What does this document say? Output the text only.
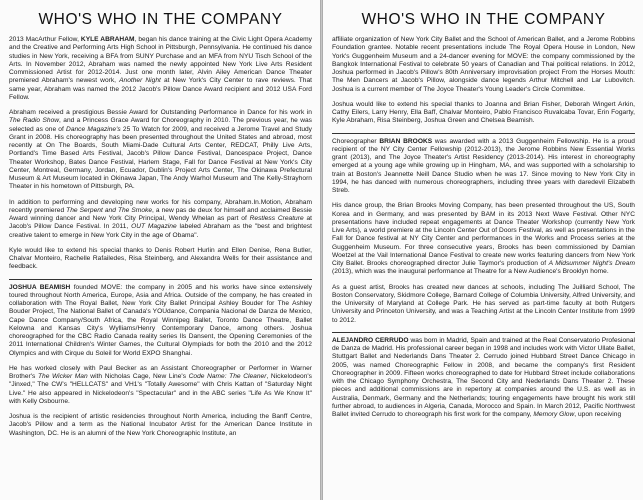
WHO'S WHO IN THE COMPANY

2013 MacArthur Fellow, KYLE ABRAHAM, began his dance training at the Civic Light Opera Academy and the Creative and Performing Arts High School in Pittsburgh, Pennsylvania. He continued his dance studies in New York, receiving a BFA from SUNY Purchase and an MFA from NYU Tisch School of the Arts. In November 2012, Abraham was named the newly appointed New York Live Arts Resident Commissioned Artist for 2012-2014. Just one month later, Alvin Ailey American Dance Theater premiered Abraham's newest work, Another Night at New York's City Center to rave reviews. That same year, Abraham was named the 2012 Jacob's Pillow Dance Award recipient and 2012 USA Ford Fellow.

Abraham received a prestigious Bessie Award for Outstanding Performance in Dance for his work in The Radio Show, and a Princess Grace Award for Choreography in 2010. The previous year, he was selected as one of Dance Magazine's 25 To Watch for 2009, and received a Jerome Travel and Study Grant in 2008. His choreography has been presented throughout the United States and abroad, most recently at On The Boards, South Miami-Dade Cultural Arts Center, REDCAT, Philly Live Arts, Portland's Time Based Arts Festival, Jacob's Pillow Dance Festival, Dancespace Project, Dance Theater Workshop, Bates Dance Festival, Harlem Stage, Fall for Dance Festival at New York's City Center, Montreal, Germany, Jordan, Ecuador, Dublin's Project Arts Center, The Okinawa Prefectural Museum & Art Museum located in Okinawa Japan, The Andy Warhol Museum and The Kelly-Strayhorn Theater in his hometown of Pittsburgh, PA.

In addition to performing and developing new works for his company, Abraham.In.Motion, Abraham recently premiered The Serpent and The Smoke, a new pas de deux for himself and acclaimed Bessie Award winning dancer and New York City Principal, Wendy Whelan as part of Restless Creature at Jacob's Pillow Dance Festival. In 2011, OUT Magazine labeled Abraham as the "best and brightest creative talent to emerge in New York City in the age of Obama".

Kyle would like to extend his special thanks to Denis Robert Hurlin and Ellen Denise, Rena Butler, Chalvar Monteiro, Rachelle Rafailedes, Risa Steinberg, and Alexandra Wells for their assistance and feedback.

JOSHUA BEAMISH founded MOVE: the company in 2005 and his works have since extensively toured throughout North America, Europe, Asia and Africa. Outside of the company, he has created in collaboration with The Royal Ballet, New York City Ballet Principal Ashley Bouder for The Ashley Bouder Project, The National Ballet of Canada's YOUdance, Compania Nacional de Danza de Mexico, Cape Dance Company/South Africa, the Royal Winnipeg Ballet, Toronto Dance Theatre, Ballet Kelowna and Kansas City's Wylliams/Henry Contemporary Dance, among others. Joshua choreographed for the CBC Radio Canada reality series Ils Dansent, the Opening Ceremonies of the 2011 International Children's Winter Games, the Cultural Olympiads for both the 2010 and the 2012 Olympics and with Cirque du Soleil for World EXPO Shanghai.

He has worked closely with Paul Becker as an Assistant Choreographer or Performer in Warner Brother's The Wicker Man with Nicholas Cage, New Line's Code Name: The Cleaner, Nickelodeon's "Jinxed," The CW's "HELLCATS" and VH1's "Totally Awesome" with Chris Kattan of "Saturday Night Live." He also appeared in Nickelodeon's "Spectacular" and in the ABC series "Life As We Know It" with Kelly Osbourne.

Joshua is the recipient of artistic residencies throughout North America, including the Banff Centre, Jacob's Pillow and a term as the National Incubator Artist for the American Dance Institute in Washington, DC. He is an alumni of the New York Choreographic Institute, an

WHO'S WHO IN THE COMPANY

affiliate organization of New York City Ballet and the School of American Ballet, and a Jerome Robbins Foundation grantee. Notable recent presentations include The Royal Opera House in London, New York's Guggenheim Museum and a 24-dancer evening for MOVE: the company commissioned by the Bangkok International Festival to celebrate 50 years of Canadian and Thai political relations. In 2012, Joshua performed in Jacob's Pillow's 80th Anniversary improvisation project From the Horses Mouth: The Men Dancers at Jacob's Pillow, alongside dance legends Arthur Mitchell and Lar Lubovitch. Joshua is a current member of The Joyce Theater's Young Leader's Circle Committee.

Joshua would like to extend his special thanks to Joanna and Brian Fisher, Deborah Wingert Arkin, Cathy Eilers, Larry Henry, Ella Baff, Chalvar Monteiro, Pablo Francisco Ruvalcaba Tovar, Erin Fogarty, Kyle Abraham, Risa Steinberg, Joshua Green and Chelsea Beamish.

Choreographer BRIAN BROOKS was awarded with a 2013 Guggenheim Fellowship. He is a proud recipient of the NY City Center Fellowship (2012-2013), the Jerome Robbins New Essential Works grant (2013), and The Joyce Theater's Artist Residency (2013-2014). His interest in choreography emerged at a young age while growing up in Hingham, MA, and was supported with a scholarship to train at Boston's Jeannette Neill Dance Studio when he was 17. Since moving to New York City in 1994, he has danced with numerous choreographers, including three years with daredevil Elizabeth Streb.

His dance group, the Brian Brooks Moving Company, has been presented throughout the US, South Korea and in Germany, and was presented by BAM in its 2013 Next Wave Festival. Other NYC presentations have included repeat engagements at Dance Theater Workshop (currently New York Live Arts), a world premiere at the Lincoln Center Out of Doors Festival, as well as presentations in the Fall for Dance festival at NY City Center and performances in the Works and Process series at the Guggenheim Museum. For three consecutive years, Brooks has been commissioned by Damian Woetzel at the Vail International Dance Festival to create new works featuring dancers from New York City Ballet. Brooks choreographed director Julie Taymor's production of A Midsummer Night's Dream (2013), which was the inaugural performance at Theatre for a New Audience's Brooklyn home.

As a guest artist, Brooks has created new dances at schools, including The Juilliard School, The Boston Conservatory, Skidmore College, Barnard College of Columbia University, Alfred University, and the University of Maryland at College Park. He has served as part-time faculty at both Rutgers University and Princeton University, and was a Teaching Artist at the Lincoln Center Institute from 1999 to 2012.

ALEJANDRO CERRUDO was born in Madrid, Spain and trained at the Real Conservatorio Profesional de Danza de Madrid. His professional career began in 1998 and includes work with Victor Ullate Ballet, Stuttgart Ballet and Nederlands Dans Theater 2. Cerrudo joined Hubbard Street Dance Chicago in 2005, was named Choreographic Fellow in 2008, and became the company's first Resident Choreographer in 2009. Fifteen works choreographed to date for Hubbard Street include collaborations with the Chicago Symphony Orchestra, The Second City and Nederlands Dans Theater 2. These pieces and additional commissions are in repertory at companies around the U.S. as well as in Australia, Denmark, Germany and the Netherlands; touring engagements have brought his work still further abroad, to audiences in Algeria, Canada, Morocco and Spain. In March 2012, Pacific Northwest Ballet invited Cerrudo to choreograph his first work for the company, Memory Glow, upon receiving
